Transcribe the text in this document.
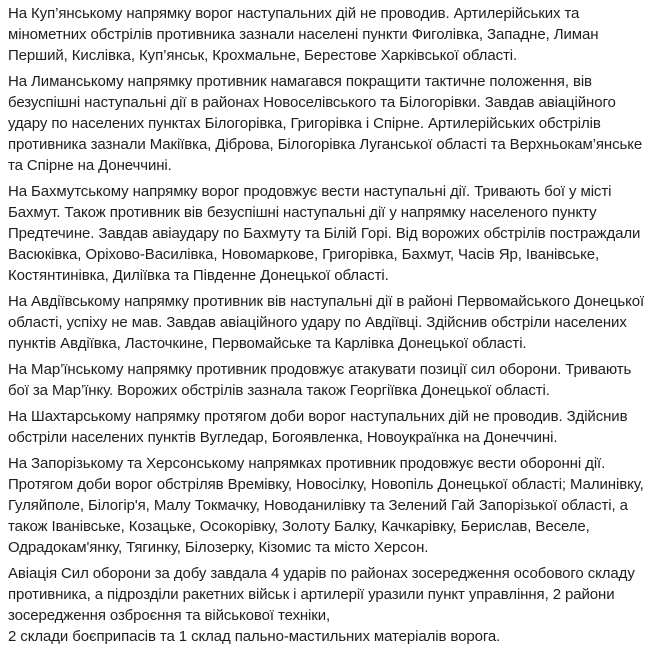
На Куп’янському напрямку ворог наступальних дій не проводив. Артилерійських та
мінометних обстрілів противника зазнали населені пункти Фиголівка, Западне, Лиман
Перший, Кислівка, Куп’янськ, Крохмальне, Берестове Харківської області.

На Лиманському напрямку противник намагався покращити тактичне положення, вів
безуспішні наступальні дії в районах Новоселівського та Білогорівки. Завдав авіаційного
удару по населених пунктах Білогорівка, Григорівка і Спірне. Артилерійських обстрілів
противника зазнали Макіївка, Діброва, Білогорівка Луганської області та Верхньокам’янське
та Спірне на Донеччині.

На Бахмутському напрямку ворог продовжує вести наступальні дії. Тривають бої у місті
Бахмут. Також противник вів безуспішні наступальні дії у напрямку населеного пункту
Предтечине. Завдав авіаудару по Бахмуту та Білій Горі. Від ворожих обстрілів постраждали
Васюківка, Оріхово-Василівка, Новомаркове, Григорівка, Бахмут, Часів Яр, Іванівське,
Костянтинівка, Диліївка та Південне Донецької області.

На Авдіївському напрямку противник вів наступальні дії в районі Первомайського Донецької
області, успіху не мав. Завдав авіаційного удару по Авдіївці. Здійснив обстріли населених
пунктів Авдіївка, Ласточкине, Первомайське та Карлівка Донецької області.

На Мар’їнському напрямку противник продовжує атакувати позиції сил оборони. Тривають
бої за Мар’їнку. Ворожих обстрілів зазнала також Георгіївка Донецької області.

На Шахтарському напрямку протягом доби ворог наступальних дій не проводив. Здійснив
обстріли населених пунктів Вугледар, Богоявленка, Новоукраїнка на Донеччині.

На Запорізькому та Херсонському напрямках противник продовжує вести оборонні дії.
Протягом доби ворог обстріляв Времівку, Новосілку, Новопіль Донецької області; Малинівку,
Гуляйполе, Білогір'я, Малу Токмачку, Новоданилівку та Зелений Гай Запорізької області, а
також Іванівське, Козацьке, Осокорівку, Золоту Балку, Качкарівку, Берислав, Веселе,
Одрадокам'янку, Тягинку, Білозерку, Кізомис та місто Херсон.

Авіація Сил оборони за добу завдала 4 ударів по районах зосередження особового складу
противника, а підрозділи ракетних військ і артилерії уразили пункт управління, 2 райони
зосередження озброєння та військової техніки,
2 склади боєприпасів та 1 склад пально-мастильних матеріалів ворога.
